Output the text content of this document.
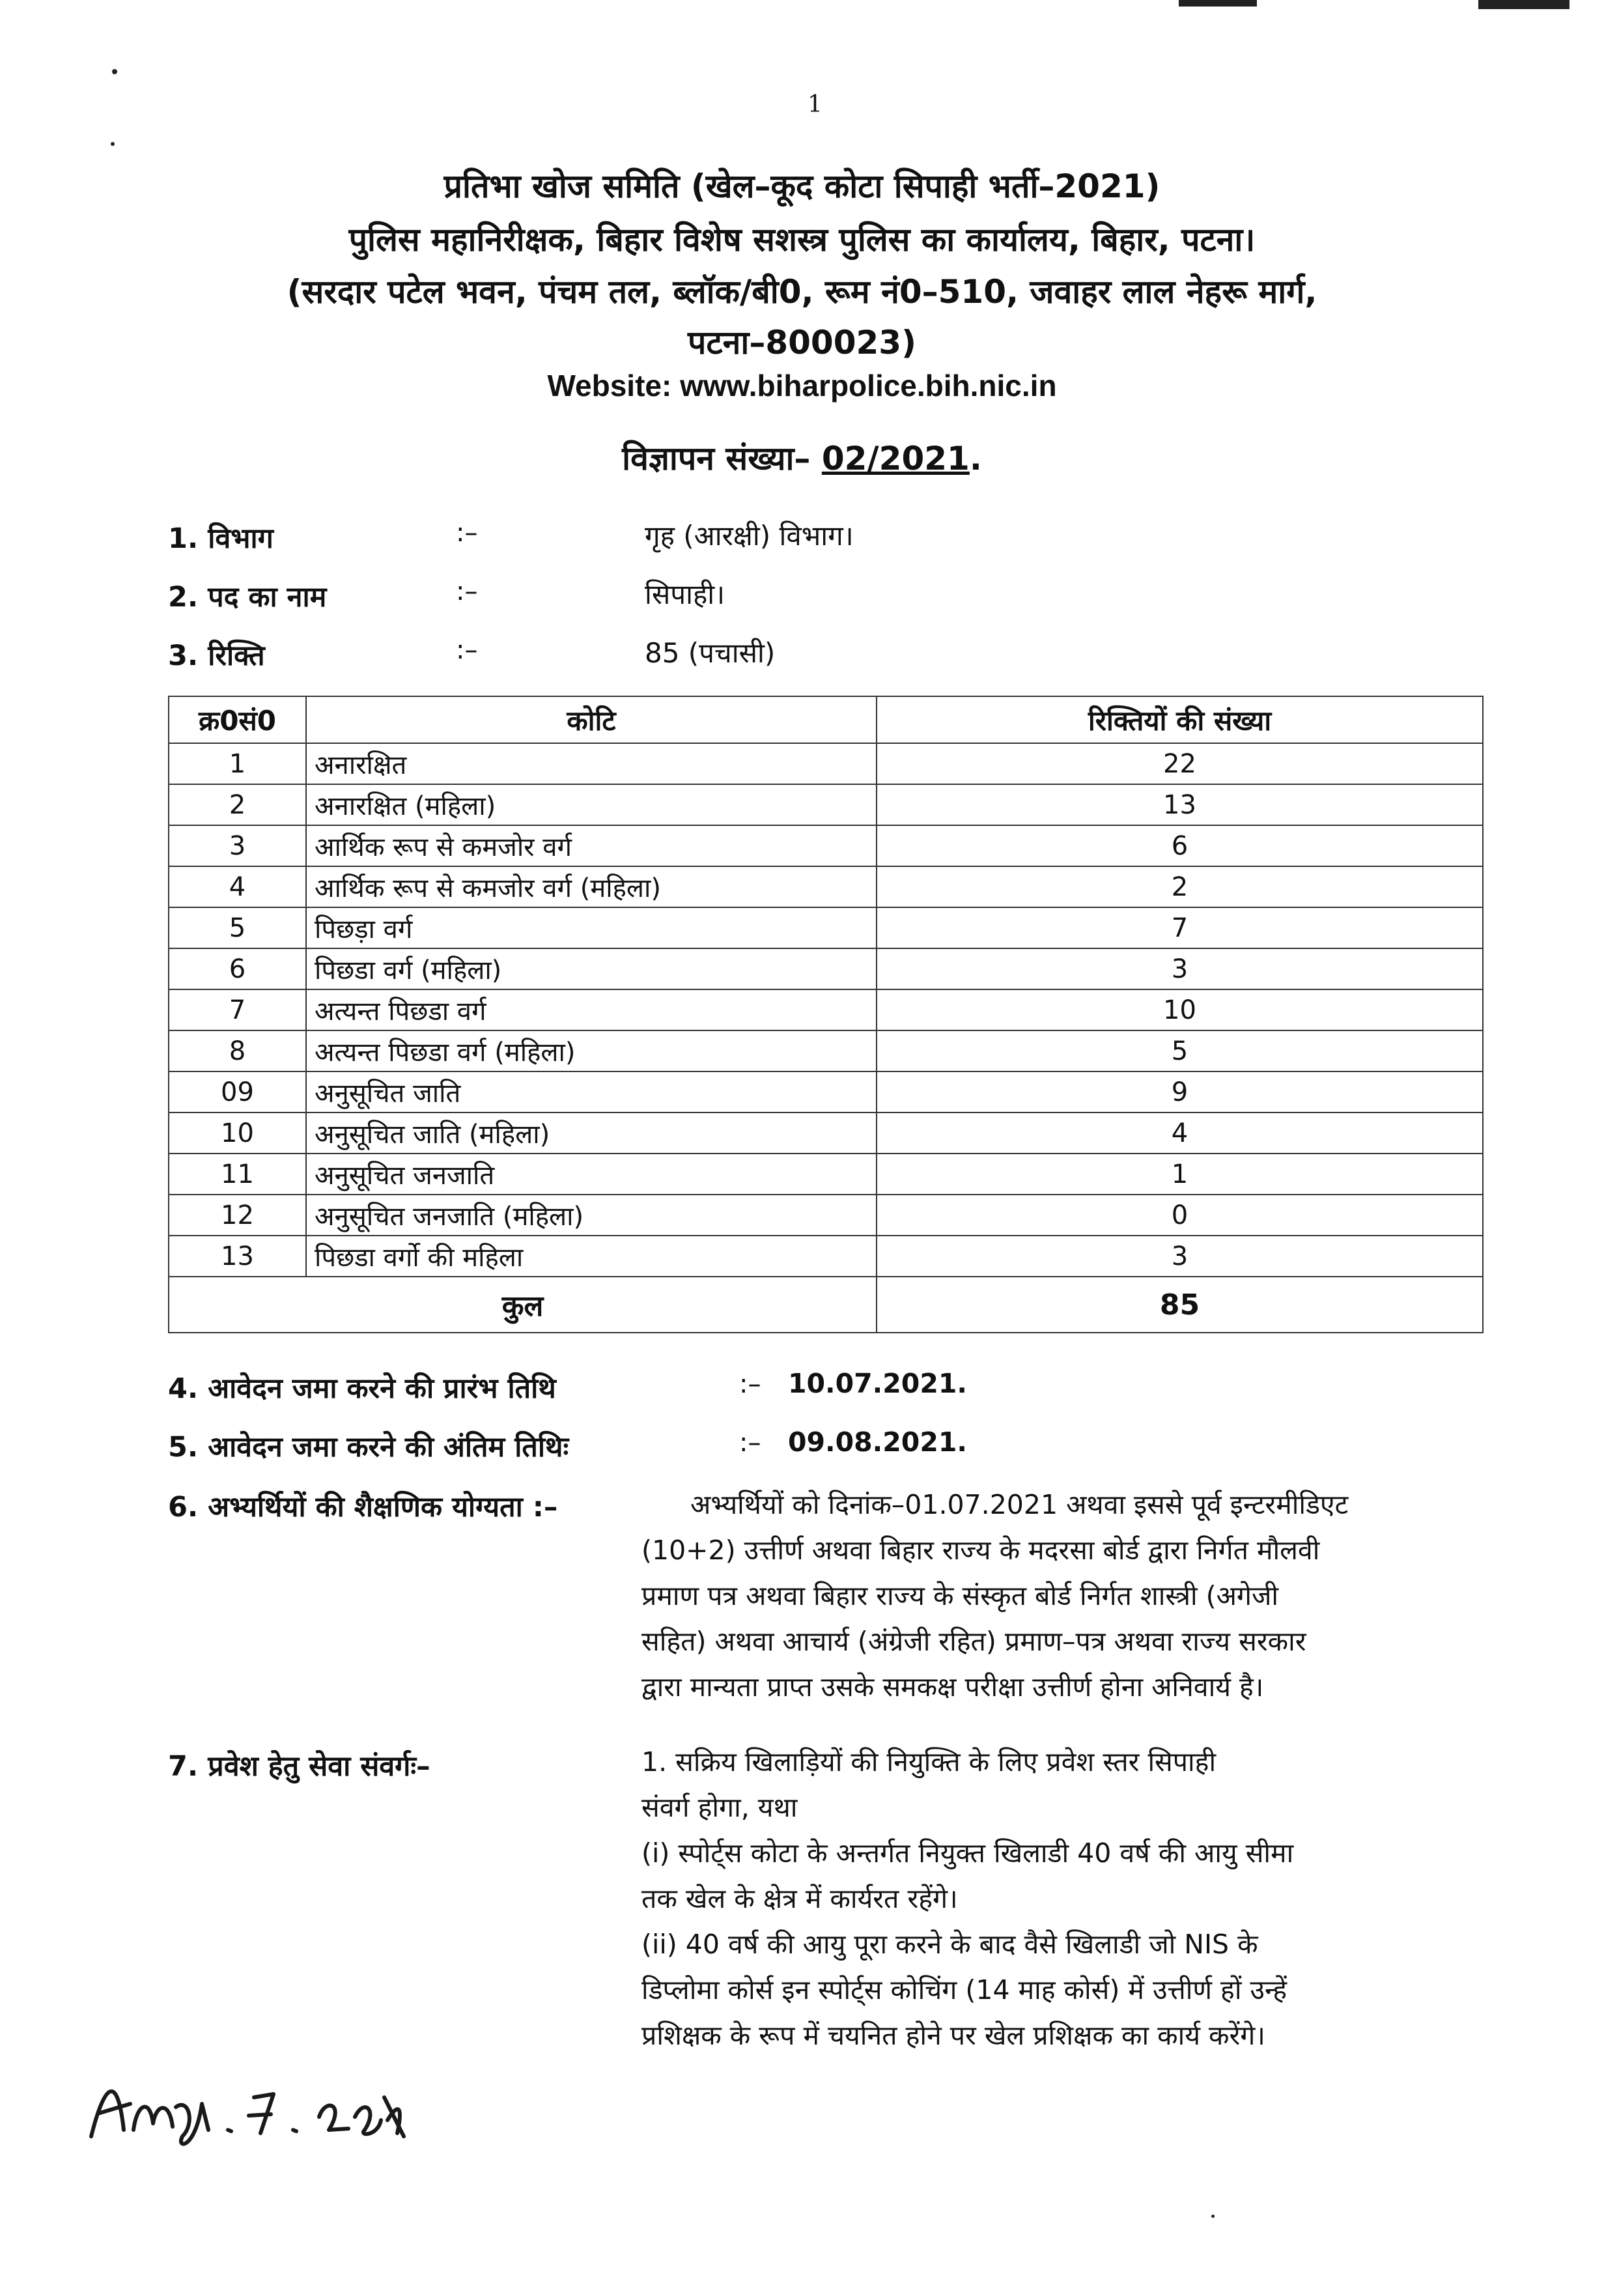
1
प्रतिभा खोज समिति (खेल–कूद कोटा सिपाही भर्ती–2021)
पुलिस महानिरीक्षक, बिहार विशेष सशस्त्र पुलिस का कार्यालय, बिहार, पटना।
(सरदार पटेल भवन, पंचम तल, ब्लॉक/बी0, रूम नं0–510, जवाहर लाल नेहरू मार्ग,
पटना–800023)
Website: www.biharpolice.bih.nic.in
विज्ञापन संख्या– 02/2021.
1. विभाग	:–	गृह (आरक्षी) विभाग।
2. पद का नाम	:–	सिपाही।
3. रिक्ति	:–	85 (पचासी)
क्र0सं0	कोटि	रिक्तियों की संख्या
1	अनारक्षित	22
2	अनारक्षित (महिला)	13
3	आर्थिक रूप से कमजोर वर्ग	6
4	आर्थिक रूप से कमजोर वर्ग (महिला)	2
5	पिछड़ा वर्ग	7
6	पिछडा वर्ग (महिला)	3
7	अत्यन्त पिछडा वर्ग	10
8	अत्यन्त पिछडा वर्ग (महिला)	5
09	अनुसूचित जाति	9
10	अनुसूचित जाति (महिला)	4
11	अनुसूचित जनजाति	1
12	अनुसूचित जनजाति (महिला)	0
13	पिछडा वर्गो की महिला	3
कुल		85
4. आवेदन जमा करने की प्रारंभ तिथि	:– 10.07.2021.
5. आवेदन जमा करने की अंतिम तिथिः	:– 09.08.2021.
6. अभ्यर्थियों की शैक्षणिक योग्यता :–	अभ्यर्थियों को दिनांक–01.07.2021 अथवा इससे पूर्व इन्टरमीडिएट
(10+2) उत्तीर्ण अथवा बिहार राज्य के मदरसा बोर्ड द्वारा निर्गत मौलवी
प्रमाण पत्र अथवा बिहार राज्य के संस्कृत बोर्ड निर्गत शास्त्री (अगेजी
सहित) अथवा आचार्य (अंग्रेजी रहित) प्रमाण–पत्र अथवा राज्य सरकार
द्वारा मान्यता प्राप्त उसके समकक्ष परीक्षा उत्तीर्ण होना अनिवार्य है।
7. प्रवेश हेतु सेवा संवर्गः–	1. सक्रिय खिलाड़ियों की नियुक्ति के लिए प्रवेश स्तर सिपाही
संवर्ग होगा, यथा
(i) स्पोर्ट्स कोटा के अन्तर्गत नियुक्त खिलाडी 40 वर्ष की आयु सीमा
तक खेल के क्षेत्र में कार्यरत रहेंगे।
(ii) 40 वर्ष की आयु पूरा करने के बाद वैसे खिलाडी जो NIS के
डिप्लोमा कोर्स इन स्पोर्ट्स कोचिंग (14 माह कोर्स) में उत्तीर्ण हों उन्हें
प्रशिक्षक के रूप में चयनित होने पर खेल प्रशिक्षक का कार्य करेंगे।
